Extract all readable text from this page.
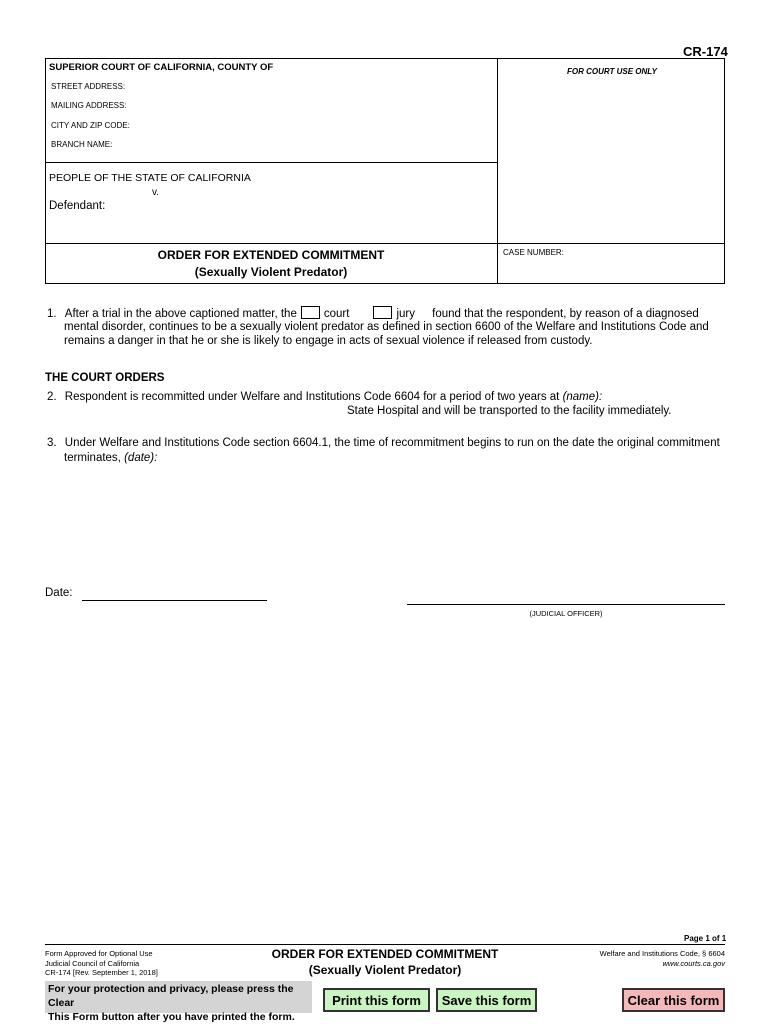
CR-174
SUPERIOR COURT OF CALIFORNIA, COUNTY OF	FOR COURT USE ONLY
STREET ADDRESS:
MAILING ADDRESS:
CITY AND ZIP CODE:
BRANCH NAME:
PEOPLE OF THE STATE OF CALIFORNIA
v.
Defendant:
ORDER FOR EXTENDED COMMITMENT
(Sexually Violent Predator)
CASE NUMBER:
1. After a trial in the above captioned matter, the court	jury found that the respondent, by reason of a diagnosed
mental disorder, continues to be a sexually violent predator as defined in section 6600 of the Welfare and Institutions Code and
remains a danger in that he or she is likely to engage in acts of sexual violence if released from custody.
THE COURT ORDERS
2. Respondent is recommitted under Welfare and Institutions Code 6604 for a period of two years at (name):
State Hospital and will be transported to the facility immediately.
3. Under Welfare and Institutions Code section 6604.1, the time of recommitment begins to run on the date the original commitment
terminates, (date):
Date:
(JUDICIAL OFFICER)
Page 1 of 1
Form Approved for Optional Use
Judicial Council of California
CR-174 [Rev. September 1, 2018]
ORDER FOR EXTENDED COMMITMENT
(Sexually Violent Predator)
Welfare and Institutions Code, § 6604
www.courts.ca.gov
For your protection and privacy, please press the Clear
This Form button after you have printed the form.
Print this form	Save this form	Clear this form
